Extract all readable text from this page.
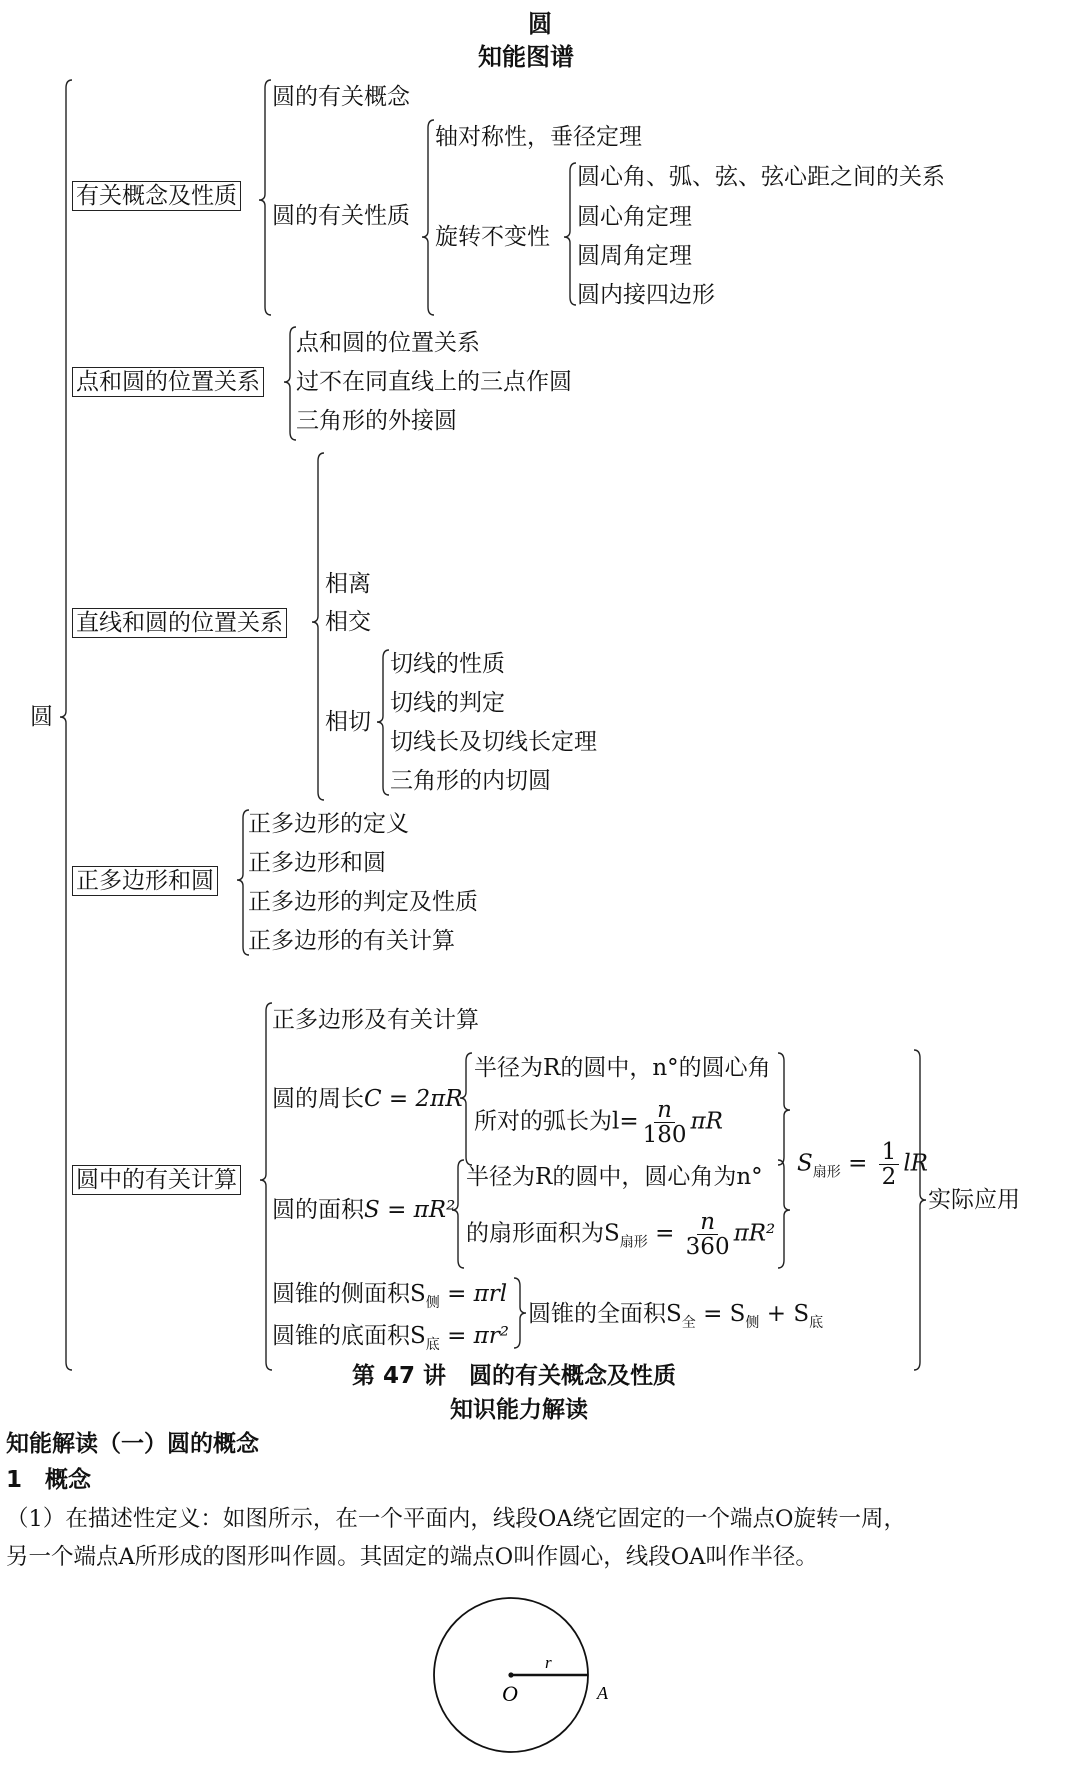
圆
知能图谱
圆
有关概念及性质
圆的有关概念
圆的有关性质
轴对称性，垂径定理
旋转不变性
圆心角、弧、弦、弦心距之间的关系
圆心角定理
圆周角定理
圆内接四边形
点和圆的位置关系
点和圆的位置关系
过不在同直线上的三点作圆
三角形的外接圆
直线和圆的位置关系
相离
相交
相切
切线的性质
切线的判定
切线长及切线长定理
三角形的内切圆
正多边形和圆
正多边形的定义
正多边形和圆
正多边形的判定及性质
正多边形的有关计算
圆中的有关计算
正多边形及有关计算
圆的周长C = 2πR
半径为R的圆中，n°的圆心角
所对的弧长为$l= \frac{n}{180}$ πR
圆的面积S = πR²
半径为R的圆中，圆心角为n°
的扇形面积为$S_{扇形} = \frac{n}{360} \pi R^2$
$S_{扇形} = \frac{1}{2}$ lR
实际应用
圆锥的侧面积$S_侧 = \pi rl$
圆锥的底面积$S_底 = \pi r^2$
圆锥的全面积$S_全 = S_侧 + S_底$
第 47 讲　圆的有关概念及性质
知识能力解读
知能解读（一）圆的概念
1　概念
（1）在描述性定义：如图所示，在一个平面内，线段OA绕它固定的一个端点O旋转一周，
另一个端点A所形成的图形叫作圆。其固定的端点O叫作圆心，线段OA叫作半径。
O
r
A
